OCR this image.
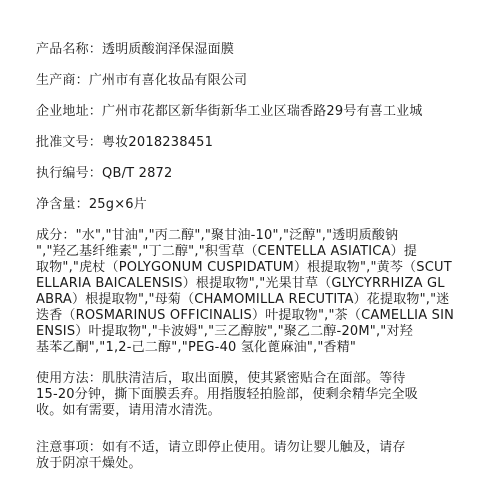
产品名称：透明质酸润泽保湿面膜
生产商：广州市有喜化妆品有限公司
企业地址：广州市花都区新华街新华工业区瑞香路29号有喜工业城
批准文号：粤妆2018238451
执行编号：QB/T 2872
净含量：25g×6片
成分："水","甘油","丙二醇","聚甘油-10","泛醇","透明质酸钠
","羟乙基纤维素","丁二醇","积雪草（CENTELLA ASIATICA）提
取物","虎杖（POLYGONUM CUSPIDATUM）根提取物","黄芩（SCUT
ELLARIA BAICALENSIS）根提取物","光果甘草（GLYCYRRHIZA GL
ABRA）根提取物","母菊（CHAMOMILLA RECUTITA）花提取物","迷
迭香（ROSMARINUS OFFICINALIS）叶提取物","茶（CAMELLIA SIN
ENSIS）叶提取物","卡波姆","三乙醇胺","聚乙二醇-20M","对羟
基苯乙酮","1,2-己二醇","PEG-40 氢化蓖麻油","香精"
使用方法：肌肤清洁后，取出面膜，使其紧密贴合在面部。等待
15-20分钟，撕下面膜丢弃。用指腹轻拍脸部，使剩余精华完全吸
收。如有需要，请用清水清洗。
注意事项：如有不适，请立即停止使用。请勿让婴儿触及，请存
放于阴凉干燥处。
